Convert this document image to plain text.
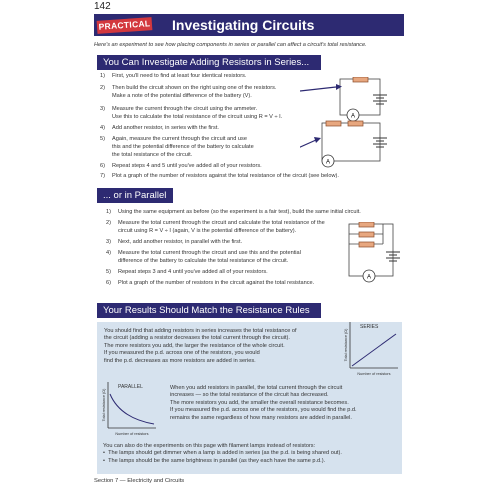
142
PRACTICAL Investigating Circuits
Here's an experiment to see how placing components in series or parallel can affect a circuit's total resistance.
You Can Investigate Adding Resistors in Series...
1) First, you'll need to find at least four identical resistors.
2) Then build the circuit shown on the right using one of the resistors.
Make a note of the potential difference of the battery (V).
3) Measure the current through the circuit using the ammeter.
Use this to calculate the total resistance of the circuit using R = V ÷ I.
4) Add another resistor, in series with the first.
5) Again, measure the current through the circuit and use
this and the potential difference of the battery to calculate
the total resistance of the circuit.
6) Repeat steps 4 and 5 until you've added all of your resistors.
7) Plot a graph of the number of resistors against the total resistance of the circuit (see below).
A
A
... or in Parallel
1) Using the same equipment as before (so the experiment is a fair test), build the same initial circuit.
2) Measure the total current through the circuit and calculate the total resistance of the
circuit using R = V ÷ I (again, V is the potential difference of the battery).
3) Next, add another resistor, in parallel with the first.
4) Measure the total current through the circuit and use this and the potential
difference of the battery to calculate the total resistance of the circuit.
5) Repeat steps 3 and 4 until you've added all of your resistors.
6) Plot a graph of the number of resistors in the circuit against the total resistance.
A
Your Results Should Match the Resistance Rules
You should find that adding resistors in series increases the total resistance of
the circuit (adding a resistor decreases the total current through the circuit).
The more resistors you add, the larger the resistance of the whole circuit.
If you measured the p.d. across one of the resistors, you would
find the p.d. decreases as more resistors are added in series.
SERIES
Number of resistors
Total resistance (Ω)
PARALLEL
Number of resistors
Total resistance (Ω)
When you add resistors in parallel, the total current through the circuit
increases — so the total resistance of the circuit has decreased.
The more resistors you add, the smaller the overall resistance becomes.
If you measured the p.d. across one of the resistors, you would find the p.d.
remains the same regardless of how many resistors are added in parallel.
You can also do the experiments on this page with filament lamps instead of resistors:
•  The lamps should get dimmer when a lamp is added in series (as the p.d. is being shared out).
•  The lamps should be the same brightness in parallel (as they each have the same p.d.).
Section 7 — Electricity and Circuits
